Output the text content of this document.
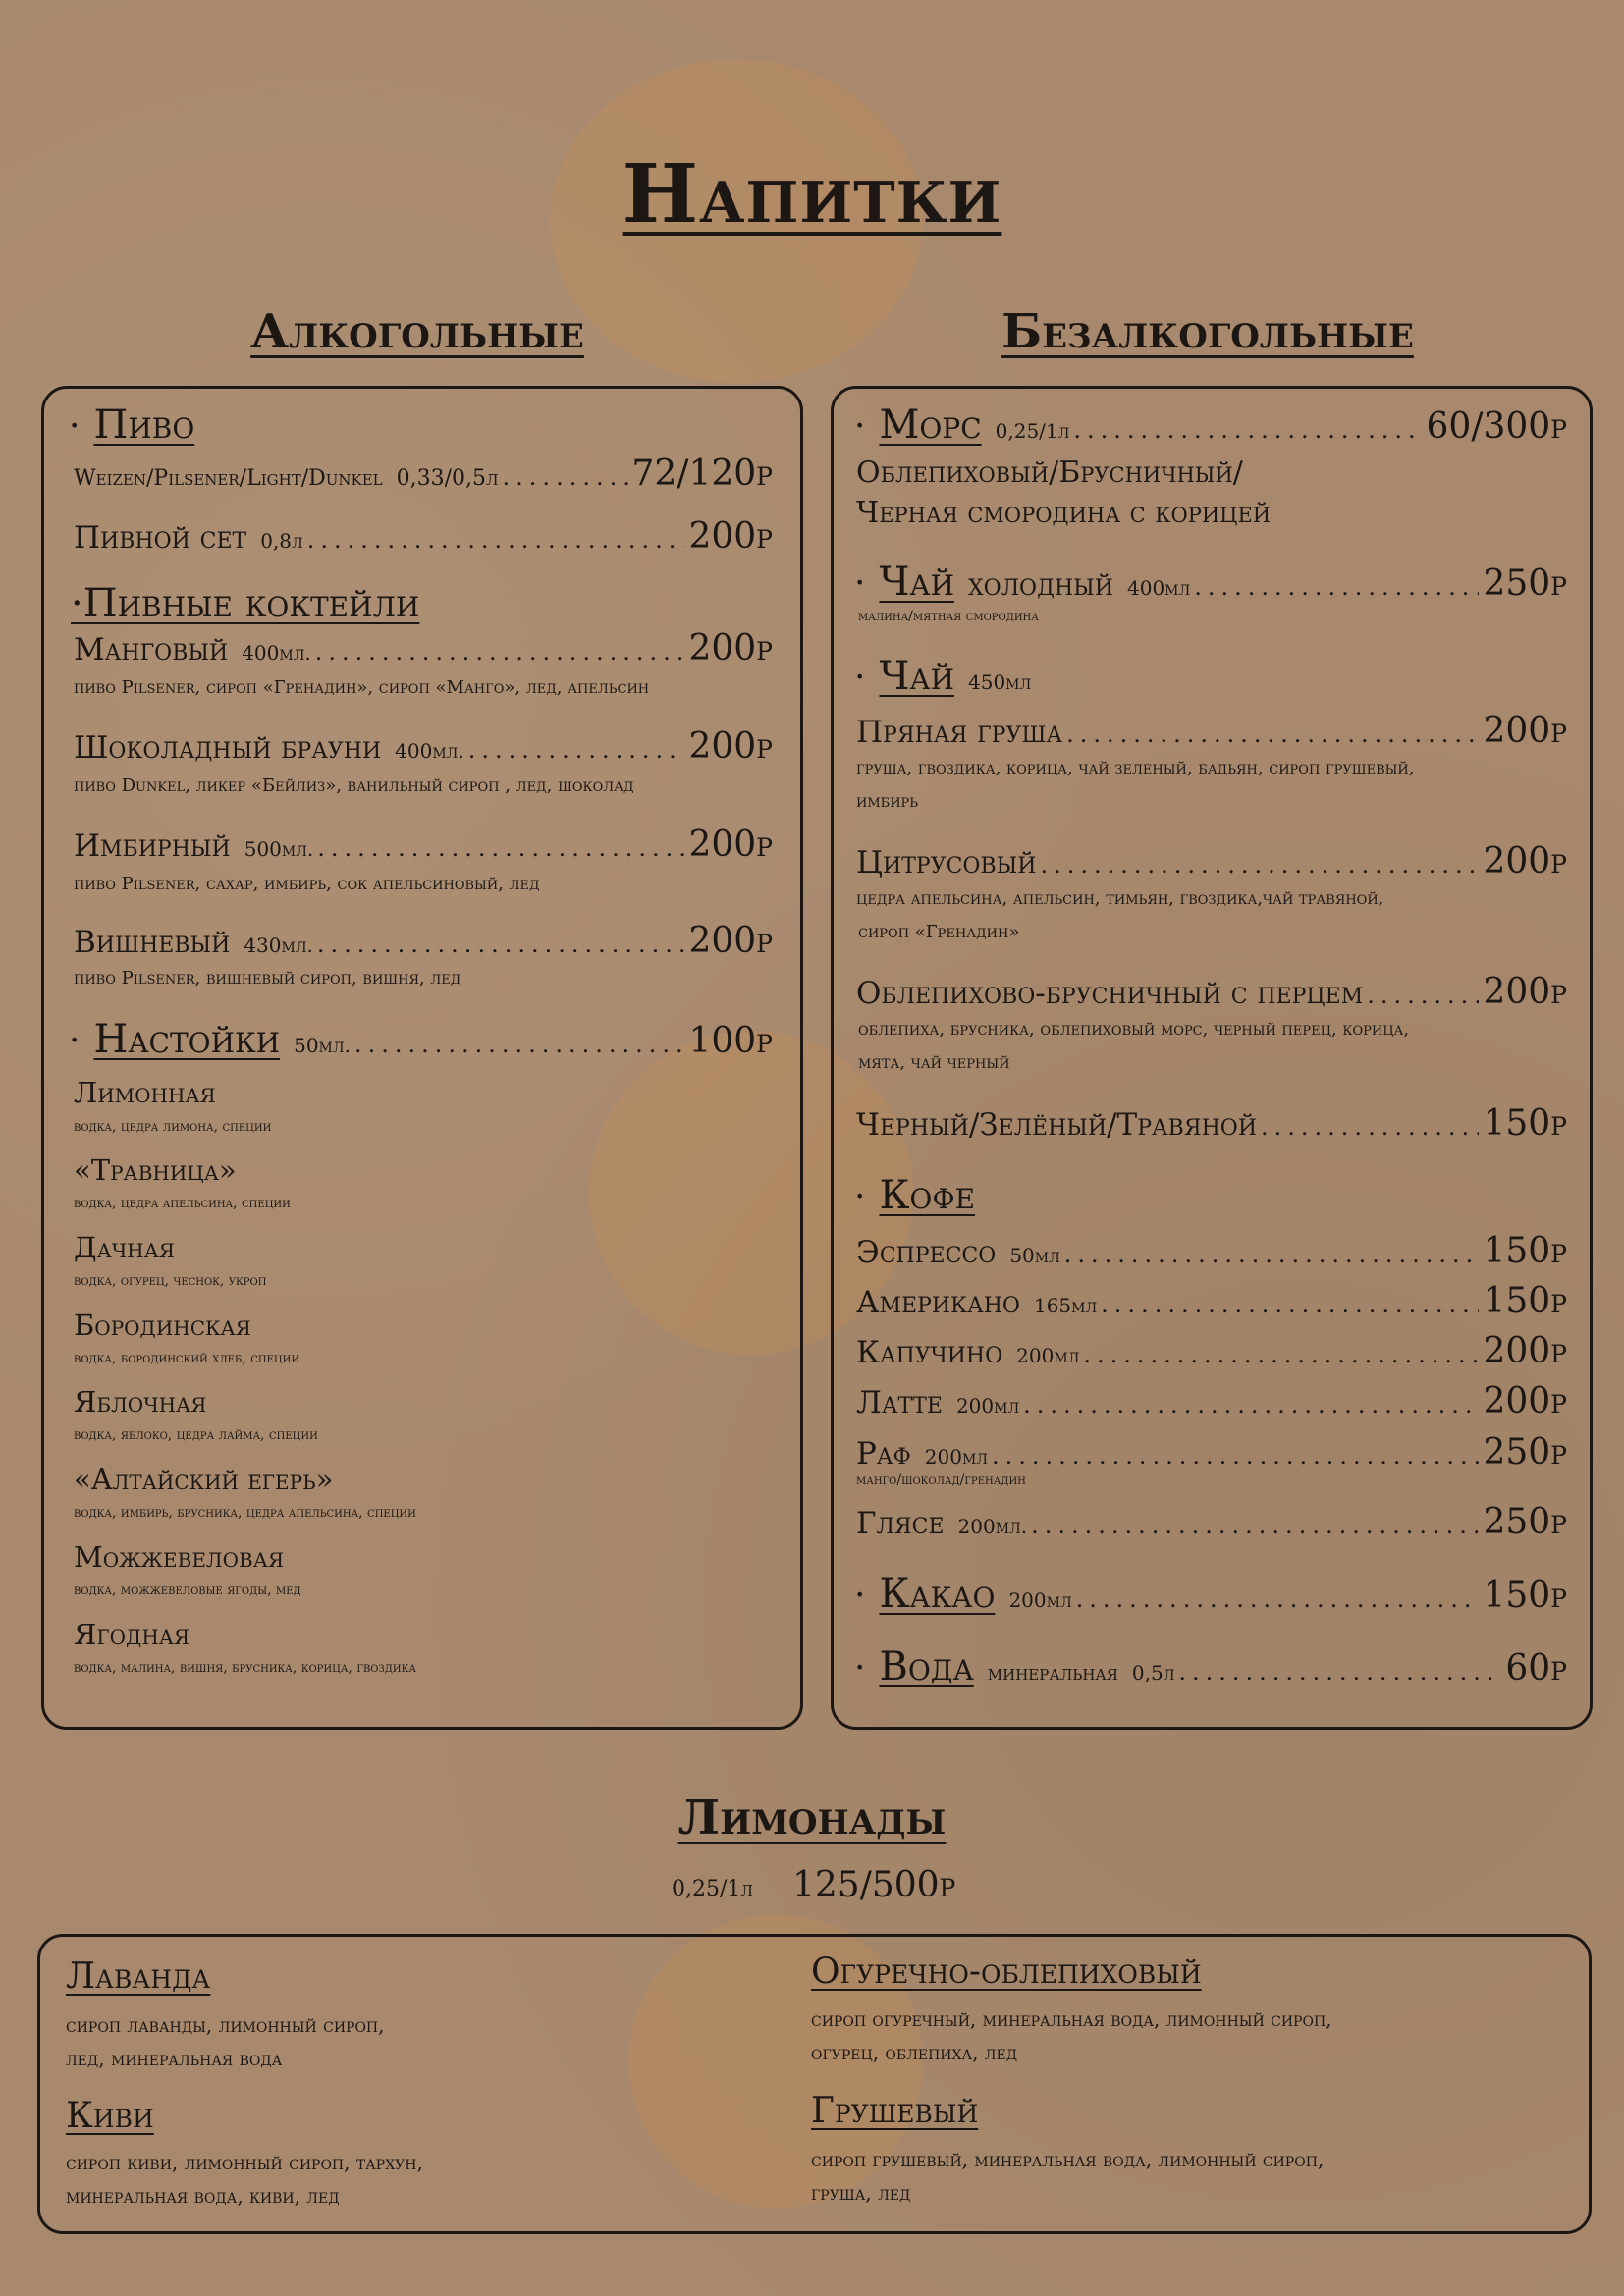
Напитки
Алкогольные	Безалкогольные
· Пиво
Weizen/Pilsener/Light/Dunkel 0,33/0,5л .....	72/120р
Пивной сет 0,8л .....	200р
·Пивные коктейли
Манговый 400мл. .....	200р
пиво Pilsener, сироп «Гренадин», сироп «Манго», лед, апельсин
Шоколадный брауни 400мл. .....	200р
пиво Dunkel, ликер «Бейлиз», ванильный сироп , лед, шоколад
Имбирный 500мл. .....	200р
пиво Pilsener, сахар, имбирь, сок апельсиновый, лед
Вишневый 430мл. .....	200р
пиво Pilsener, вишневый сироп, вишня, лед
· Настойки 50мл. .....	100р
Лимонная
водка, цедра лимона, специи
«Травница»
водка, цедра апельсина, специи
Дачная
водка, огурец, чеснок, укроп
Бородинская
водка, бородинский хлеб, специи
Яблочная
водка, яблоко, цедра лайма, специи
«Алтайский егерь»
водка, имбирь, брусника, цедра апельсина, специи
Можжевеловая
водка, можжевеловые ягоды, мед
Ягодная
водка, малина, вишня, брусника, корица, гвоздика
· Морс 0,25/1л .....	60/300р
Облепиховый/Брусничный/
Черная смородина с корицей
· Чай холодный 400мл .....	250р
малина/мятная смородина
· Чай 450мл
Пряная груша .....	200р
груша, гвоздика, корица, чай зеленый, бадьян, сироп грушевый,
имбирь
Цитрусовый .....	200р
цедра апельсина, апельсин, тимьян, гвоздика,чай травяной,
сироп «Гренадин»
Облепихово-брусничный с перцем .....	200р
облепиха, брусника, облепиховый морс, черный перец, корица,
мята, чай черный
Черный/Зелёный/Травяной .....	150р
· Кофе
Эспрессо 50мл .....	150р
Американо 165мл .....	150р
Капучино 200мл .....	200р
Латте 200мл .....	200р
Раф 200мл .....	250р
манго/шоколад/гренадин
Глясе 200мл. .....	250р
· Какао 200мл .....	150р
· Вода минеральная 0,5л .....	60р
Лимонады
0,25/1л 125/500р
Лаванда
сироп лаванды, лимонный сироп,
лед, минеральная вода
Огуречно-облепиховый
сироп огуречный, минеральная вода, лимонный сироп,
огурец, облепиха, лед
Киви
сироп киви, лимонный сироп, тархун,
минеральная вода, киви, лед
Грушевый
сироп грушевый, минеральная вода, лимонный сироп,
груша, лед
